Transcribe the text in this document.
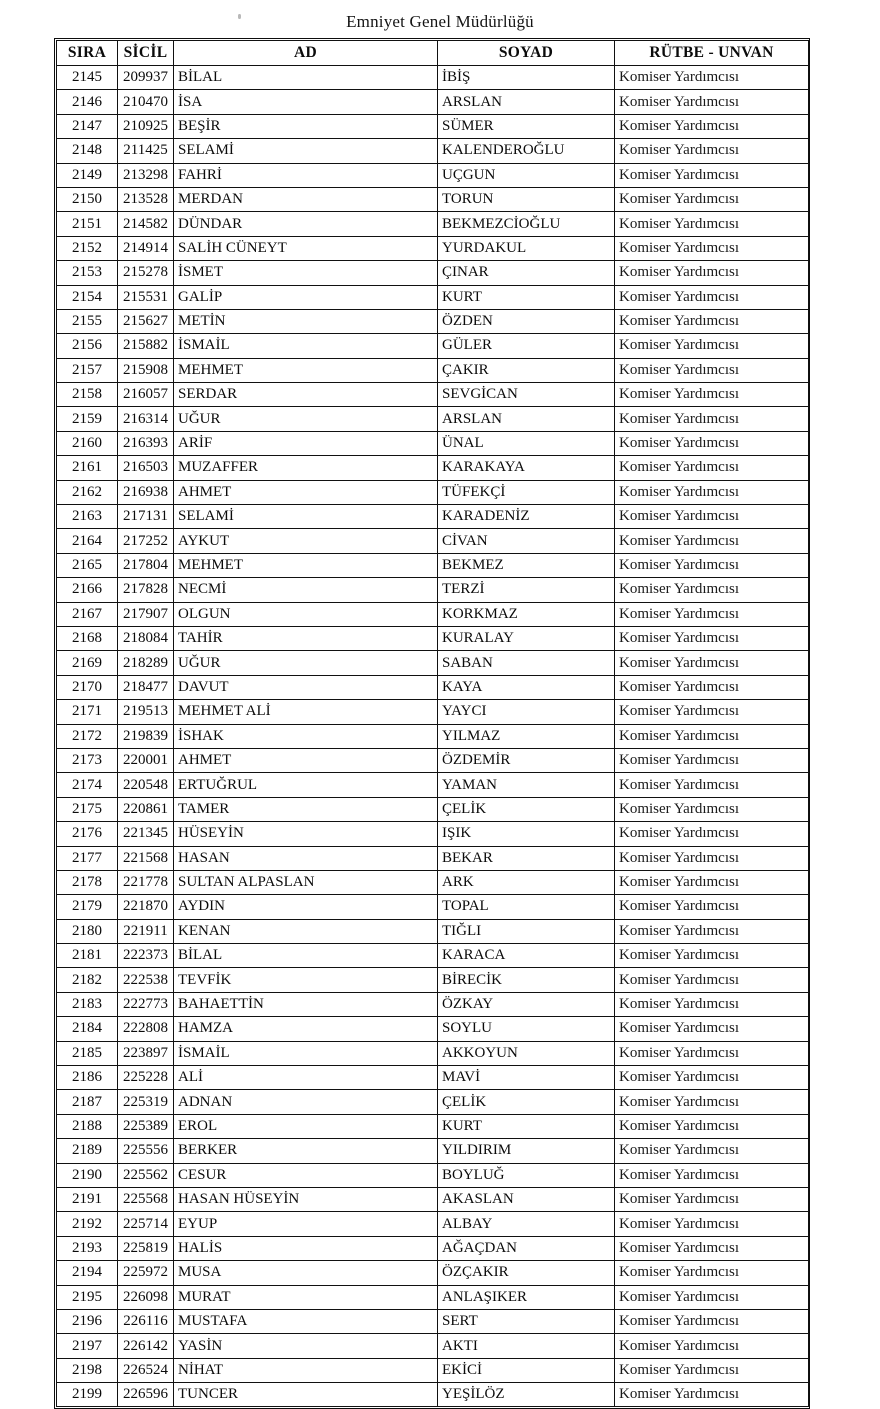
Emniyet Genel Müdürlüğü
SIRA	SİCİL	AD	SOYAD	RÜTBE - UNVAN
2145	209937	BİLAL	İBİŞ	Komiser Yardımcısı
2146	210470	İSA	ARSLAN	Komiser Yardımcısı
2147	210925	BEŞİR	SÜMER	Komiser Yardımcısı
2148	211425	SELAMİ	KALENDEROĞLU	Komiser Yardımcısı
2149	213298	FAHRİ	UÇGUN	Komiser Yardımcısı
2150	213528	MERDAN	TORUN	Komiser Yardımcısı
2151	214582	DÜNDAR	BEKMEZCİOĞLU	Komiser Yardımcısı
2152	214914	SALİH CÜNEYT	YURDAKUL	Komiser Yardımcısı
2153	215278	İSMET	ÇINAR	Komiser Yardımcısı
2154	215531	GALİP	KURT	Komiser Yardımcısı
2155	215627	METİN	ÖZDEN	Komiser Yardımcısı
2156	215882	İSMAİL	GÜLER	Komiser Yardımcısı
2157	215908	MEHMET	ÇAKIR	Komiser Yardımcısı
2158	216057	SERDAR	SEVGİCAN	Komiser Yardımcısı
2159	216314	UĞUR	ARSLAN	Komiser Yardımcısı
2160	216393	ARİF	ÜNAL	Komiser Yardımcısı
2161	216503	MUZAFFER	KARAKAYA	Komiser Yardımcısı
2162	216938	AHMET	TÜFEKÇİ	Komiser Yardımcısı
2163	217131	SELAMİ	KARADENİZ	Komiser Yardımcısı
2164	217252	AYKUT	CİVAN	Komiser Yardımcısı
2165	217804	MEHMET	BEKMEZ	Komiser Yardımcısı
2166	217828	NECMİ	TERZİ	Komiser Yardımcısı
2167	217907	OLGUN	KORKMAZ	Komiser Yardımcısı
2168	218084	TAHİR	KURALAY	Komiser Yardımcısı
2169	218289	UĞUR	SABAN	Komiser Yardımcısı
2170	218477	DAVUT	KAYA	Komiser Yardımcısı
2171	219513	MEHMET ALİ	YAYCI	Komiser Yardımcısı
2172	219839	İSHAK	YILMAZ	Komiser Yardımcısı
2173	220001	AHMET	ÖZDEMİR	Komiser Yardımcısı
2174	220548	ERTUĞRUL	YAMAN	Komiser Yardımcısı
2175	220861	TAMER	ÇELİK	Komiser Yardımcısı
2176	221345	HÜSEYİN	IŞIK	Komiser Yardımcısı
2177	221568	HASAN	BEKAR	Komiser Yardımcısı
2178	221778	SULTAN ALPASLAN	ARK	Komiser Yardımcısı
2179	221870	AYDIN	TOPAL	Komiser Yardımcısı
2180	221911	KENAN	TIĞLI	Komiser Yardımcısı
2181	222373	BİLAL	KARACA	Komiser Yardımcısı
2182	222538	TEVFİK	BİRECİK	Komiser Yardımcısı
2183	222773	BAHAETTİN	ÖZKAY	Komiser Yardımcısı
2184	222808	HAMZA	SOYLU	Komiser Yardımcısı
2185	223897	İSMAİL	AKKOYUN	Komiser Yardımcısı
2186	225228	ALİ	MAVİ	Komiser Yardımcısı
2187	225319	ADNAN	ÇELİK	Komiser Yardımcısı
2188	225389	EROL	KURT	Komiser Yardımcısı
2189	225556	BERKER	YILDIRIM	Komiser Yardımcısı
2190	225562	CESUR	BOYLUĞ	Komiser Yardımcısı
2191	225568	HASAN HÜSEYİN	AKASLAN	Komiser Yardımcısı
2192	225714	EYUP	ALBAY	Komiser Yardımcısı
2193	225819	HALİS	AĞAÇDAN	Komiser Yardımcısı
2194	225972	MUSA	ÖZÇAKIR	Komiser Yardımcısı
2195	226098	MURAT	ANLAŞIKER	Komiser Yardımcısı
2196	226116	MUSTAFA	SERT	Komiser Yardımcısı
2197	226142	YASİN	AKTI	Komiser Yardımcısı
2198	226524	NİHAT	EKİCİ	Komiser Yardımcısı
2199	226596	TUNCER	YEŞİLÖZ	Komiser Yardımcısı
